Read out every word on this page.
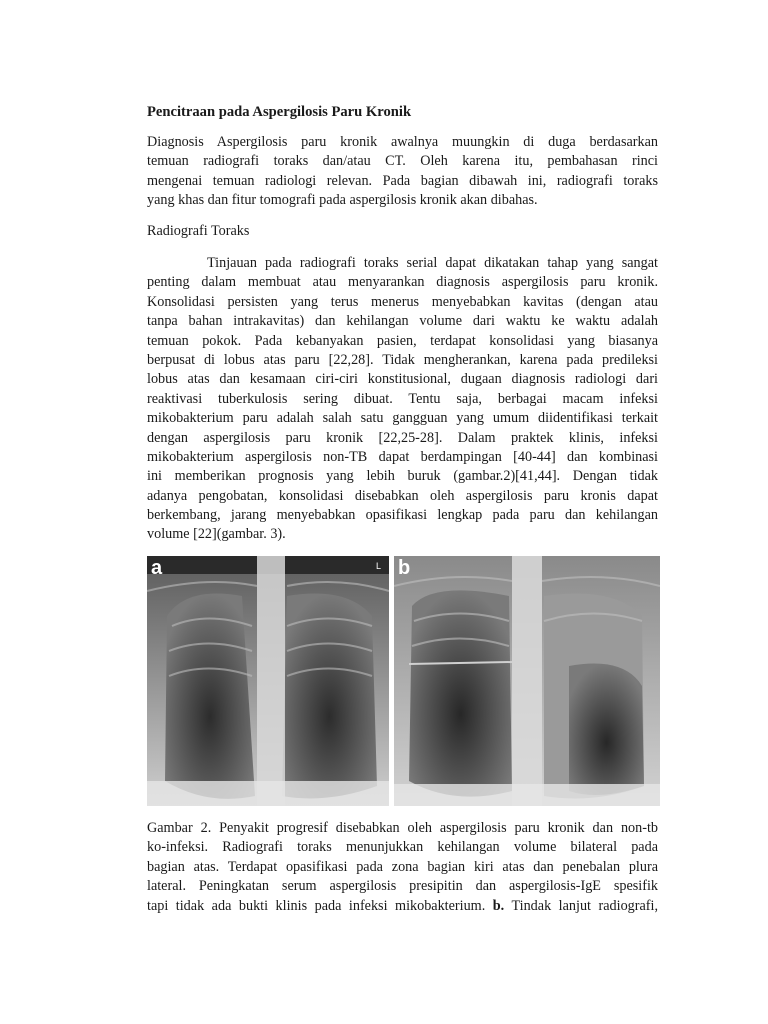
Pencitraan pada Aspergilosis Paru Kronik
Diagnosis Aspergilosis paru kronik awalnya muungkin di duga berdasarkan
temuan radiografi toraks dan/atau CT. Oleh karena itu, pembahasan rinci
mengenai temuan radiologi relevan. Pada bagian dibawah ini, radiografi toraks
yang khas dan fitur tomografi pada aspergilosis kronik akan dibahas.
Radiografi Toraks
Tinjauan pada radiografi toraks serial dapat dikatakan tahap yang sangat
penting dalam membuat atau menyarankan diagnosis aspergilosis paru kronik.
Konsolidasi persisten yang terus menerus menyebabkan kavitas (dengan atau
tanpa bahan intrakavitas) dan kehilangan volume dari waktu ke waktu adalah
temuan pokok. Pada kebanyakan pasien, terdapat konsolidasi yang biasanya
berpusat di lobus atas paru [22,28]. Tidak mengherankan, karena pada predileksi
lobus atas dan kesamaan ciri-ciri konstitusional, dugaan diagnosis radiologi dari
reaktivasi tuberkulosis sering dibuat. Tentu saja, berbagai macam infeksi
mikobakterium paru adalah salah satu gangguan yang umum diidentifikasi terkait
dengan aspergilosis paru kronik [22,25-28]. Dalam praktek klinis, infeksi
mikobakterium aspergilosis non-TB dapat berdampingan [40-44] dan kombinasi
ini memberikan prognosis yang lebih buruk (gambar.2)[41,44]. Dengan tidak
adanya pengobatan, konsolidasi disebabkan oleh aspergilosis paru kronis dapat
berkembang, jarang menyebabkan opasifikasi lengkap pada paru dan kehilangan
volume [22](gambar. 3).
a	L b
Gambar 2. Penyakit progresif disebabkan oleh aspergilosis paru kronik dan non-tb
ko-infeksi. Radiografi toraks menunjukkan kehilangan volume bilateral pada
bagian atas. Terdapat opasifikasi pada zona bagian kiri atas dan penebalan plura
lateral. Peningkatan serum aspergilosis presipitin dan aspergilosis-IgE spesifik
tapi tidak ada bukti klinis pada infeksi mikobakterium. b. Tindak lanjut radiografi,
